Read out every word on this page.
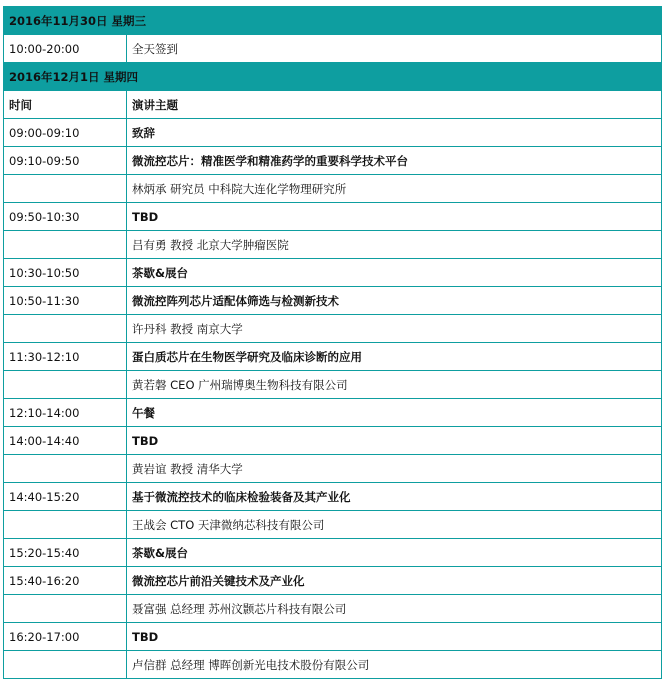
2016年11月30日 星期三	
10:00-20:00	全天签到
2016年12月1日 星期四	
时间	演讲主题
09:00-09:10	致辞
09:10-09:50	微流控芯片：精准医学和精准药学的重要科学技术平台
	林炳承 研究员 中科院大连化学物理研究所
09:50-10:30	TBD
	吕有勇 教授 北京大学肿瘤医院
10:30-10:50	茶歇&展台
10:50-11:30	微流控阵列芯片适配体筛选与检测新技术
	许丹科 教授 南京大学
11:30-12:10	蛋白质芯片在生物医学研究及临床诊断的应用
	黄若磐 CEO 广州瑞博奥生物科技有限公司
12:10-14:00	午餐
14:00-14:40	TBD
	黄岩谊 教授 清华大学
14:40-15:20	基于微流控技术的临床检验装备及其产业化
	王战会 CTO 天津微纳芯科技有限公司
15:20-15:40	茶歇&展台
15:40-16:20	微流控芯片前沿关键技术及产业化
	聂富强 总经理 苏州汶颢芯片科技有限公司
16:20-17:00	TBD
	卢信群 总经理 博晖创新光电技术股份有限公司
